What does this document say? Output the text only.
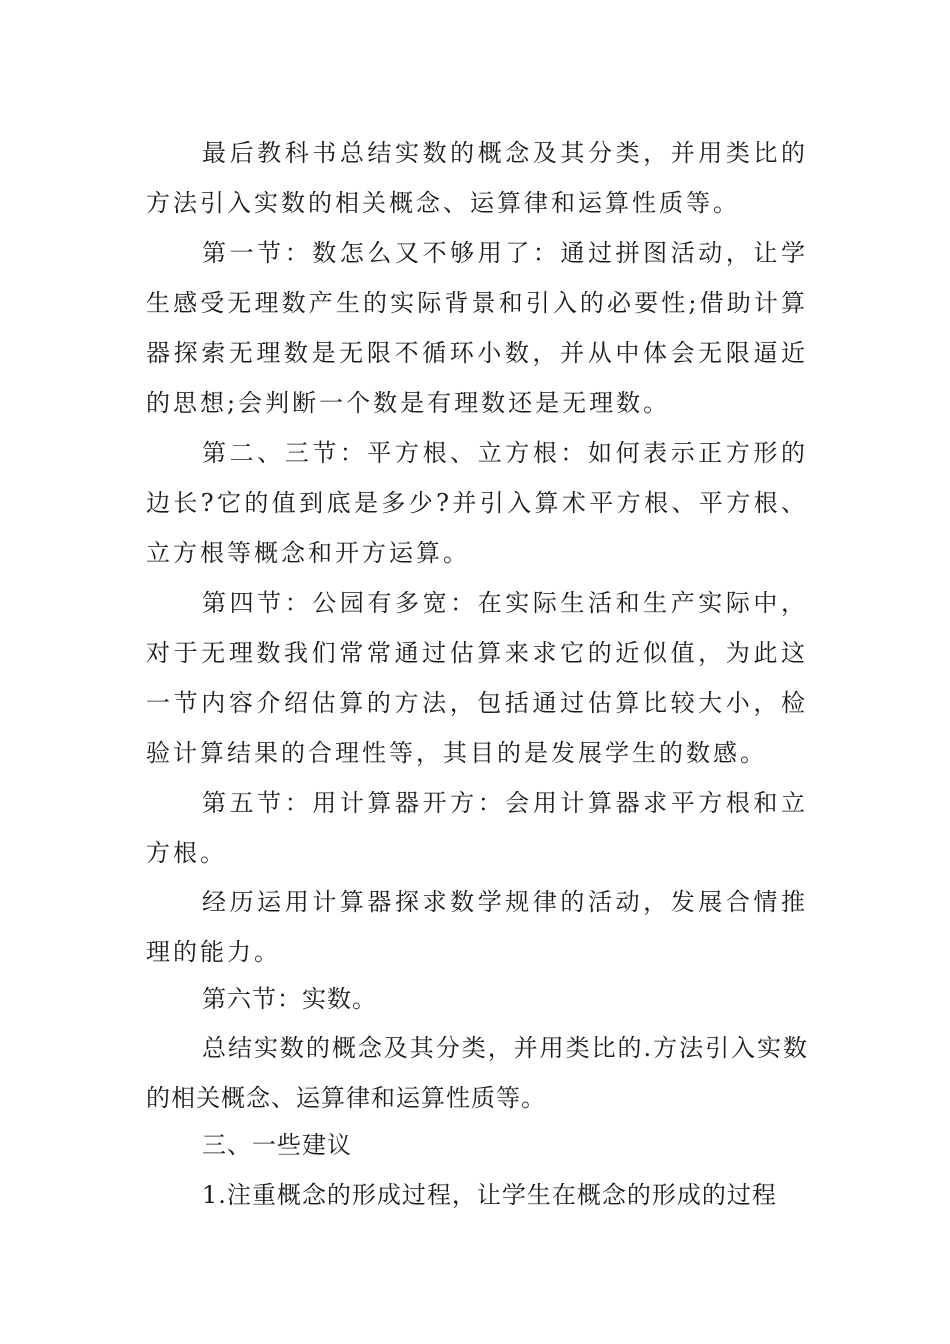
最后教科书总结实数的概念及其分类，并用类比的方法引入实数的相关概念、运算律和运算性质等。

第一节：数怎么又不够用了：通过拼图活动，让学生感受无理数产生的实际背景和引入的必要性;借助计算器探索无理数是无限不循环小数，并从中体会无限逼近的思想;会判断一个数是有理数还是无理数。

第二、三节：平方根、立方根：如何表示正方形的边长?它的值到底是多少?并引入算术平方根、平方根、立方根等概念和开方运算。

第四节：公园有多宽：在实际生活和生产实际中，对于无理数我们常常通过估算来求它的近似值，为此这一节内容介绍估算的方法，包括通过估算比较大小，检验计算结果的合理性等，其目的是发展学生的数感。

第五节：用计算器开方：会用计算器求平方根和立方根。

经历运用计算器探求数学规律的活动，发展合情推理的能力。

第六节：实数。

总结实数的概念及其分类，并用类比的.方法引入实数的相关概念、运算律和运算性质等。

三、一些建议

1.注重概念的形成过程，让学生在概念的形成的过程
